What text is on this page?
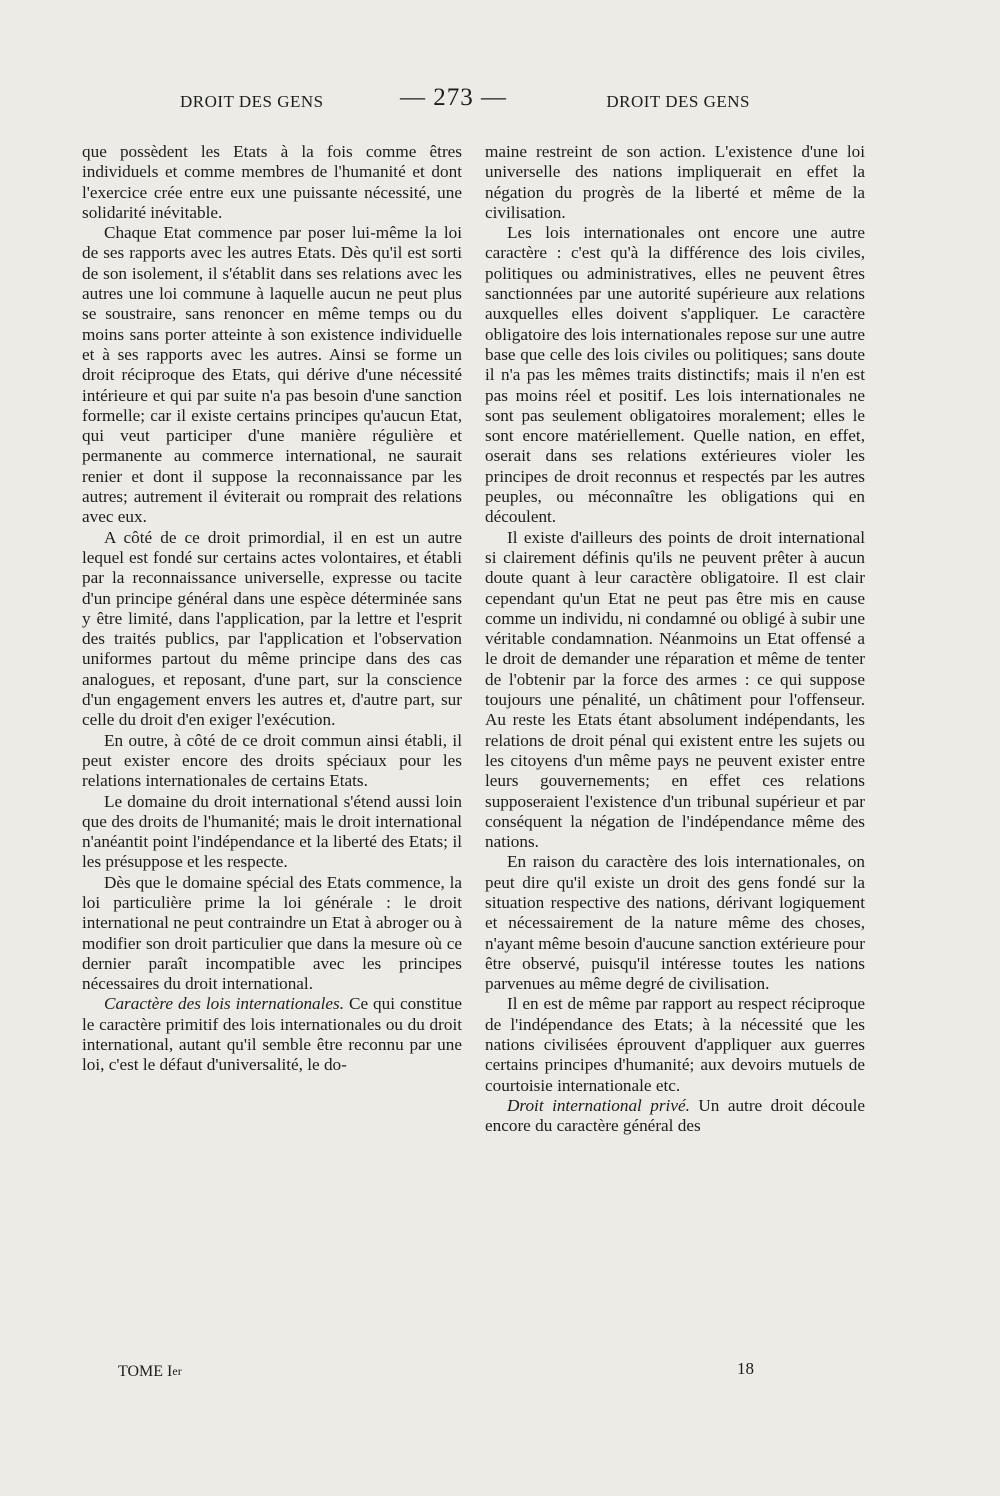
DROIT DES GENS	— 273 —	DROIT DES GENS

que possèdent les Etats à la fois comme êtres individuels et comme membres de l'humanité et dont l'exercice crée entre eux une puissante nécessité, une solidarité inévitable.

Chaque Etat commence par poser lui-même la loi de ses rapports avec les autres Etats. Dès qu'il est sorti de son isolement, il s'établit dans ses relations avec les autres une loi commune à laquelle aucun ne peut plus se soustraire, sans renoncer en même temps ou du moins sans porter atteinte à son existence individuelle et à ses rapports avec les autres. Ainsi se forme un droit réciproque des Etats, qui dérive d'une nécessité intérieure et qui par suite n'a pas besoin d'une sanction formelle; car il existe certains principes qu'aucun Etat, qui veut participer d'une manière régulière et permanente au commerce international, ne saurait renier et dont il suppose la reconnaissance par les autres; autrement il éviterait ou romprait des relations avec eux.

A côté de ce droit primordial, il en est un autre lequel est fondé sur certains actes volontaires, et établi par la reconnaissance universelle, expresse ou tacite d'un principe général dans une espèce déterminée sans y être limité, dans l'application, par la lettre et l'esprit des traités publics, par l'application et l'observation uniformes partout du même principe dans des cas analogues, et reposant, d'une part, sur la conscience d'un engagement envers les autres et, d'autre part, sur celle du droit d'en exiger l'exécution.

En outre, à côté de ce droit commun ainsi établi, il peut exister encore des droits spéciaux pour les relations internationales de certains Etats.

Le domaine du droit international s'étend aussi loin que des droits de l'humanité; mais le droit international n'anéantit point l'indépendance et la liberté des Etats; il les présuppose et les respecte.

Dès que le domaine spécial des Etats commence, la loi particulière prime la loi générale : le droit international ne peut contraindre un Etat à abroger ou à modifier son droit particulier que dans la mesure où ce dernier paraît incompatible avec les principes nécessaires du droit international.

Caractère des lois internationales. Ce qui constitue le caractère primitif des lois internationales ou du droit international, autant qu'il semble être reconnu par une loi, c'est le défaut d'universalité, le do-

maine restreint de son action. L'existence d'une loi universelle des nations impliquerait en effet la négation du progrès de la liberté et même de la civilisation.

Les lois internationales ont encore une autre caractère : c'est qu'à la différence des lois civiles, politiques ou administratives, elles ne peuvent êtres sanctionnées par une autorité supérieure aux relations auxquelles elles doivent s'appliquer. Le caractère obligatoire des lois internationales repose sur une autre base que celle des lois civiles ou politiques; sans doute il n'a pas les mêmes traits distinctifs; mais il n'en est pas moins réel et positif. Les lois internationales ne sont pas seulement obligatoires moralement; elles le sont encore matériellement. Quelle nation, en effet, oserait dans ses relations extérieures violer les principes de droit reconnus et respectés par les autres peuples, ou méconnaître les obligations qui en découlent.

Il existe d'ailleurs des points de droit international si clairement définis qu'ils ne peuvent prêter à aucun doute quant à leur caractère obligatoire. Il est clair cependant qu'un Etat ne peut pas être mis en cause comme un individu, ni condamné ou obligé à subir une véritable condamnation. Néanmoins un Etat offensé a le droit de demander une réparation et même de tenter de l'obtenir par la force des armes : ce qui suppose toujours une pénalité, un châtiment pour l'offenseur. Au reste les Etats étant absolument indépendants, les relations de droit pénal qui existent entre les sujets ou les citoyens d'un même pays ne peuvent exister entre leurs gouvernements; en effet ces relations supposeraient l'existence d'un tribunal supérieur et par conséquent la négation de l'indépendance même des nations.

En raison du caractère des lois internationales, on peut dire qu'il existe un droit des gens fondé sur la situation respective des nations, dérivant logiquement et nécessairement de la nature même des choses, n'ayant même besoin d'aucune sanction extérieure pour être observé, puisqu'il intéresse toutes les nations parvenues au même degré de civilisation.

Il en est de même par rapport au respect réciproque de l'indépendance des Etats; à la nécessité que les nations civilisées éprouvent d'appliquer aux guerres certains principes d'humanité; aux devoirs mutuels de courtoisie internationale etc.

Droit international privé. Un autre droit découle encore du caractère général des

TOME Ier	18
